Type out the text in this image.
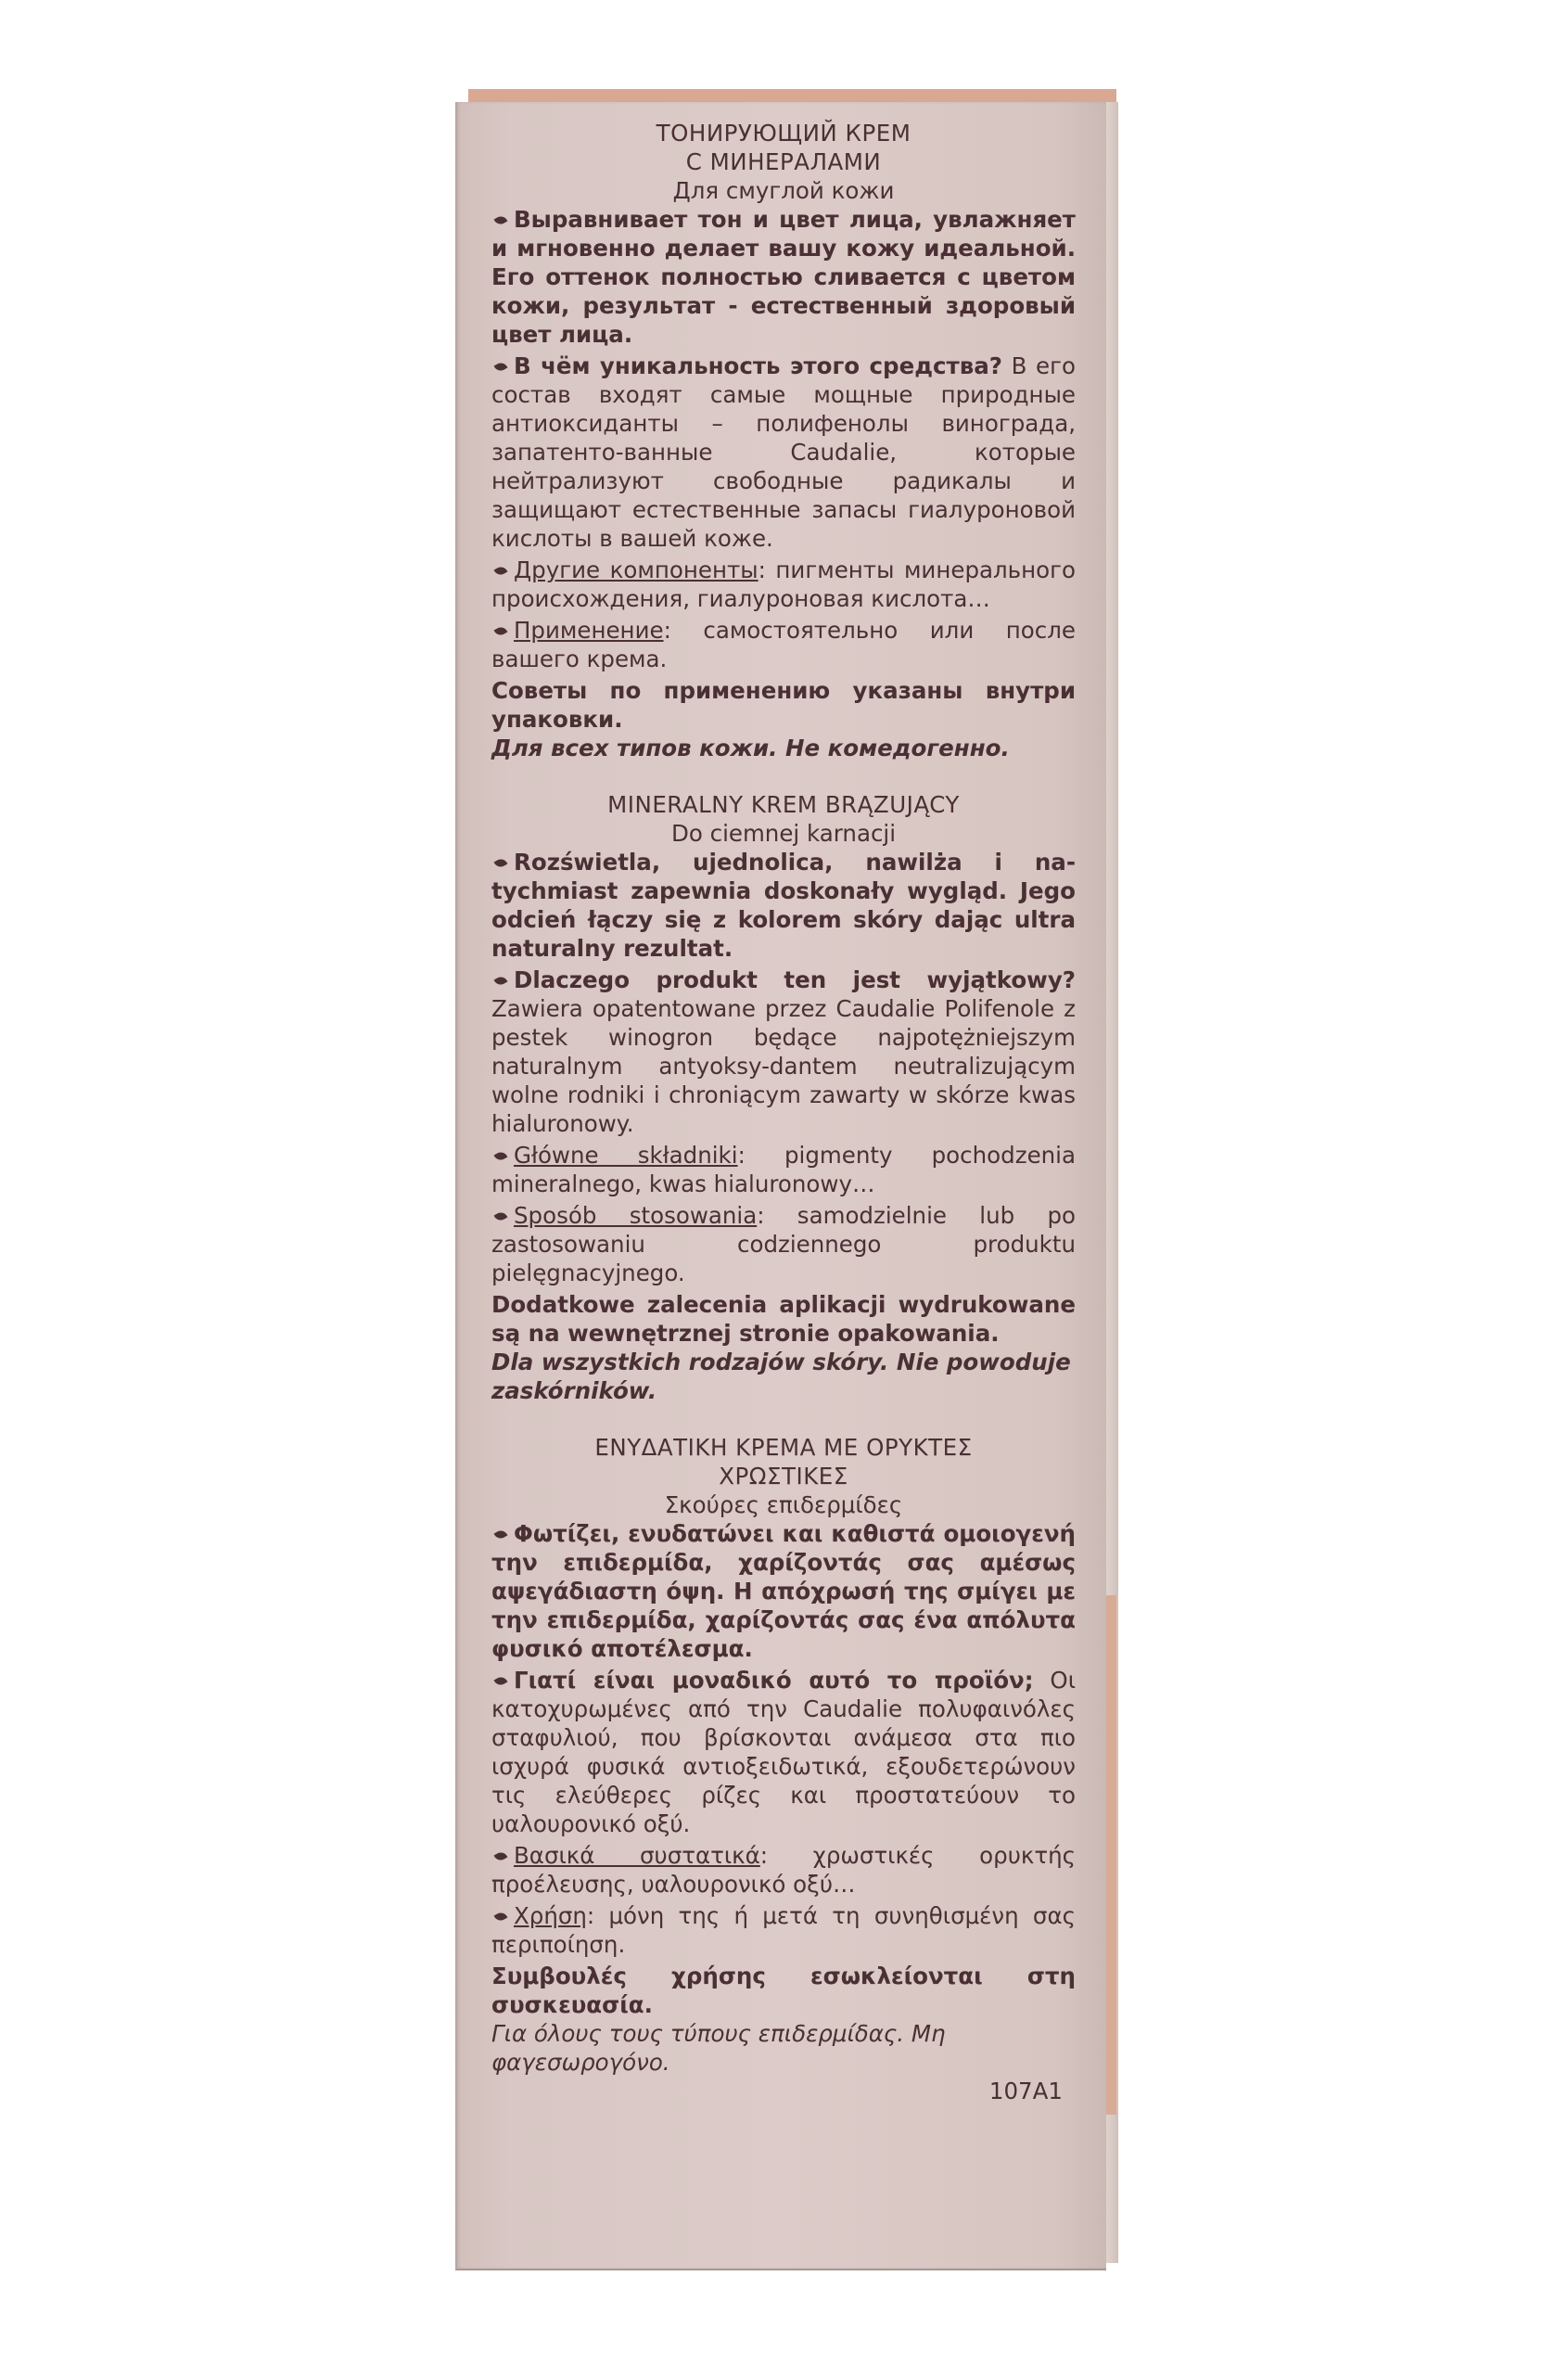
ТОНИРУЮЩИЙ КРЕМ
С МИНЕРАЛАМИ
Для смуглой кожи
Выравнивает тон и цвет лица, увлажняет и мгновенно делает вашу кожу идеальной. Его оттенок полностью сливается с цветом кожи, результат - естественный здоровый цвет лица.
В чём уникальность этого средства? В его состав входят самые мощные природные антиоксиданты – полифенолы винограда, запатенто-ванные Caudalie, которые нейтрализуют свободные радикалы и защищают естественные запасы гиалуроновой кислоты в вашей коже.
Другие компоненты: пигменты минерального происхождения, гиалуроновая кислота…
Применение: самостоятельно или после вашего крема.
Советы по применению указаны внутри упаковки.
Для всех типов кожи. Не комедогенно.
MINERALNY KREM BRĄZUJĄCY
Do ciemnej karnacji
Rozświetla, ujednolica, nawilża i na-tychmiast zapewnia doskonały wygląd. Jego odcień łączy się z kolorem skóry dając ultra naturalny rezultat.
Dlaczego produkt ten jest wyjątkowy? Zawiera opatentowane przez Caudalie Polifenole z pestek winogron będące najpotężniejszym naturalnym antyoksy-dantem neutralizującym wolne rodniki i chroniącym zawarty w skórze kwas hialuronowy.
Główne składniki: pigmenty pochodzenia mineralnego, kwas hialuronowy…
Sposób stosowania: samodzielnie lub po zastosowaniu codziennego produktu pielęgnacyjnego.
Dodatkowe zalecenia aplikacji wydrukowane są na wewnętrznej stronie opakowania.
Dla wszystkich rodzajów skóry. Nie powoduje zaskórników.
ΕΝΥΔΑΤΙΚΗ ΚΡΕΜΑ ΜΕ ΟΡΥΚΤΕΣ
ΧΡΩΣΤΙΚΕΣ
Σκούρες επιδερμίδες
Φωτίζει, ενυδατώνει και καθιστά ομοιογενή την επιδερμίδα, χαρίζοντάς σας αμέσως αψεγάδιαστη όψη. Η απόχρωσή της σμίγει με την επιδερμίδα, χαρίζοντάς σας ένα απόλυτα φυσικό αποτέλεσμα.
Γιατί είναι μοναδικό αυτό το προϊόν; Οι κατοχυρωμένες από την Caudalie πολυφαινόλες σταφυλιού, που βρίσκονται ανάμεσα στα πιο ισχυρά φυσικά αντιοξειδωτικά, εξουδετερώνουν τις ελεύθερες ρίζες και προστατεύουν το υαλουρονικό οξύ.
Βασικά συστατικά: χρωστικές ορυκτής προέλευσης, υαλουρονικό οξύ…
Χρήση: μόνη της ή μετά τη συνηθισμένη σας περιποίηση.
Συμβουλές χρήσης εσωκλείονται στη συσκευασία.
Για όλους τους τύπους επιδερμίδας. Μη φαγεσωρογόνο.
107A1
